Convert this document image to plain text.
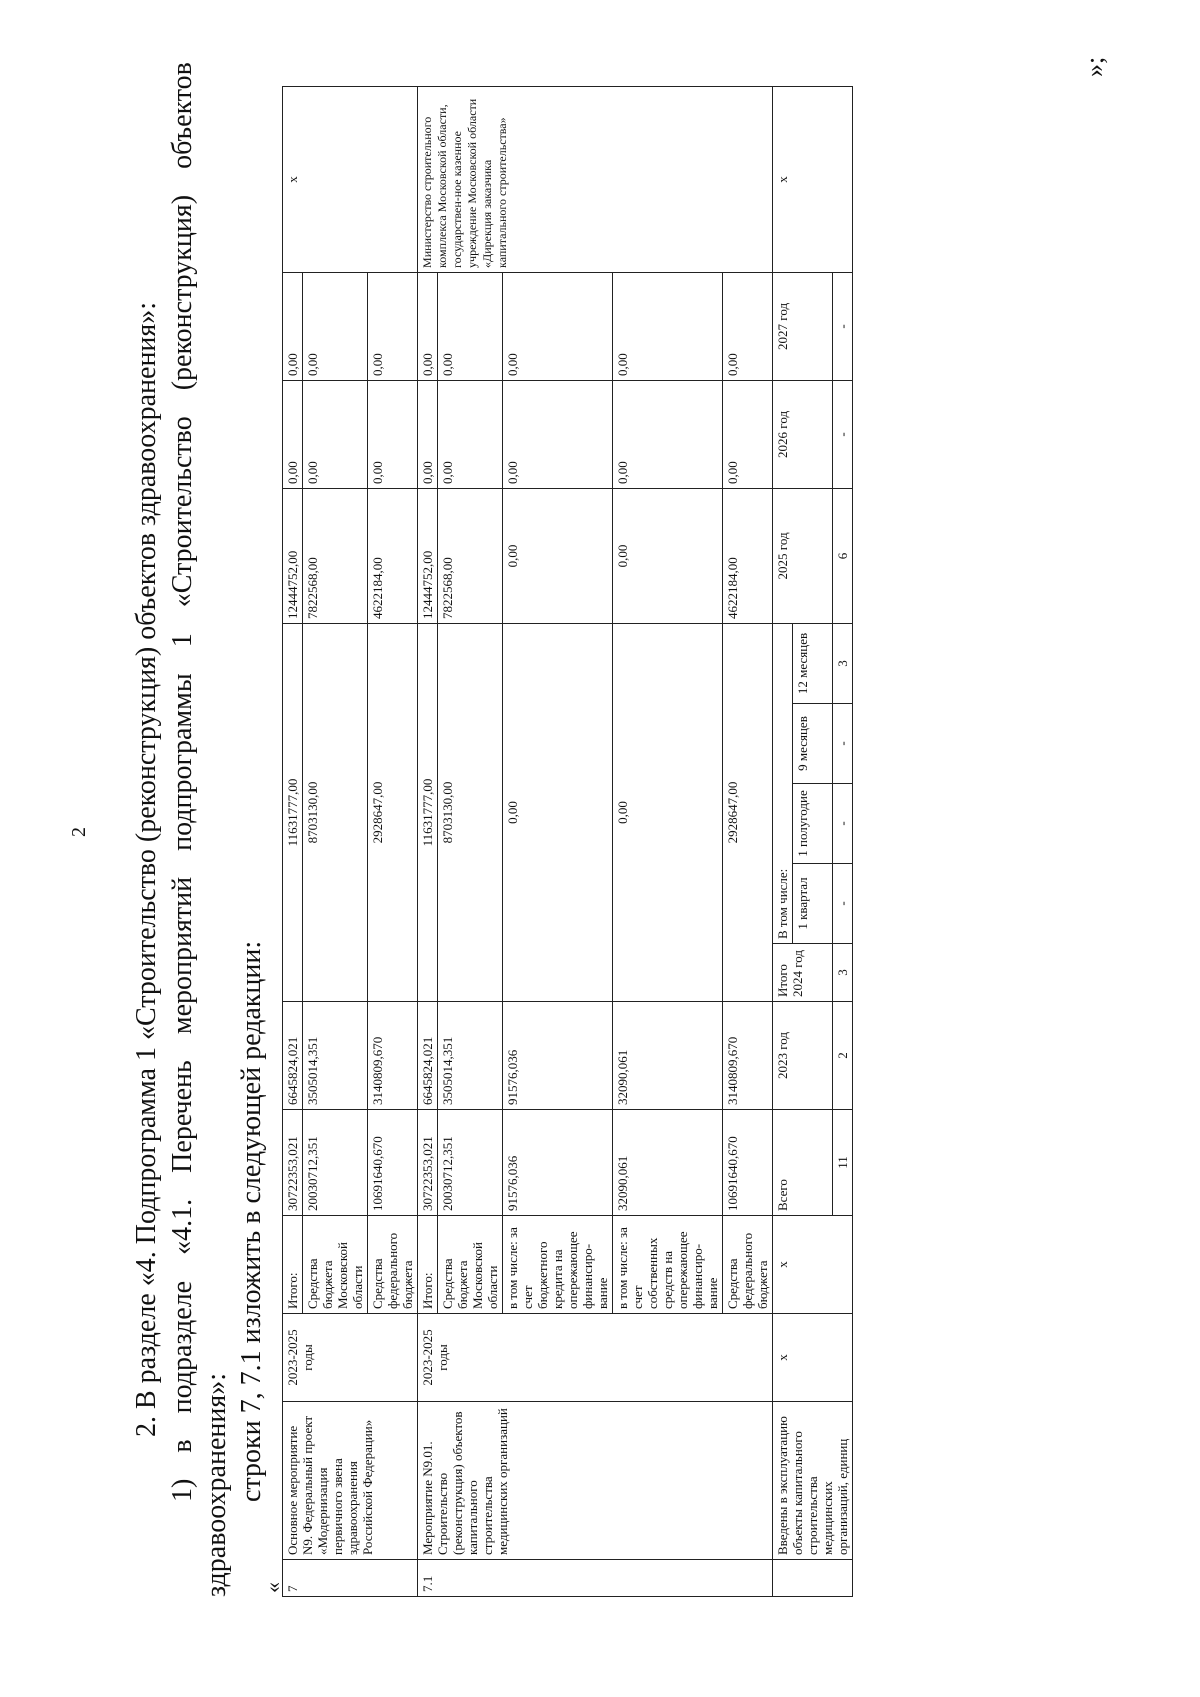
2 2. В разделе «4. Подпрограмма 1 «Строительство (реконструкция) объектов здравоохранения»:
1)
в
подразделе
«4.1.
Перечень
мероприятий
подпрограммы
1
«Строительство
(реконструкция)
объектов
здравоохранения»: строки 7, 7.1 изложить в следующей редакции:
« 7	Основное мероприятие N9. Федеральный проект «Модернизация первичного звена здравоохранения Российской Федерации»	2023-2025 годы	Итого:	30722353,021	6645824,021	11631777,00					12444752,00	0,00	0,00	х
			Средства бюджета Московской области	20030712,351	3505014,351	8703130,00					7822568,00	0,00	0,00	
			Средства федерального бюджета	10691640,670	3140809,670	2928647,00					4622184,00	0,00	0,00	
7.1	Мероприятие N9.01. Строительство (реконструкция) объектов капитального строительства медицинских организаций	2023-2025 годы	Итого:	30722353,021	6645824,021	11631777,00					12444752,00	0,00	0,00	Министерство строительного комплекса Московской области, государствен-ное казенное учреждение Московской области «Дирекция заказчика капитального строительства»
			Средства бюджета Московской области	20030712,351	3505014,351	8703130,00					7822568,00	0,00	0,00	
			в том числе: за счет бюджетного кредита на опережающее финансиро-вание	91576,036	91576,036	0,00					0,00	0,00	0,00	
			в том числе: за счет собственных средств на опережающее финансиро-вание	32090,061	32090,061	0,00					0,00	0,00	0,00	
			Средства федерального бюджета	10691640,670	3140809,670	2928647,00					4622184,00	0,00	0,00	
	Введены в эксплуатацию объекты капитального строительства медицинских организаций, единиц	х	х	Всего	2023 год	Итого 2024 год	В том числе:				2025 год	2026 год	2027 год	х
							1 квартал	1 полугодие	9 месяцев	12 месяцев				

				11	2	3	-	-	-	3	6	-	-	
»;
